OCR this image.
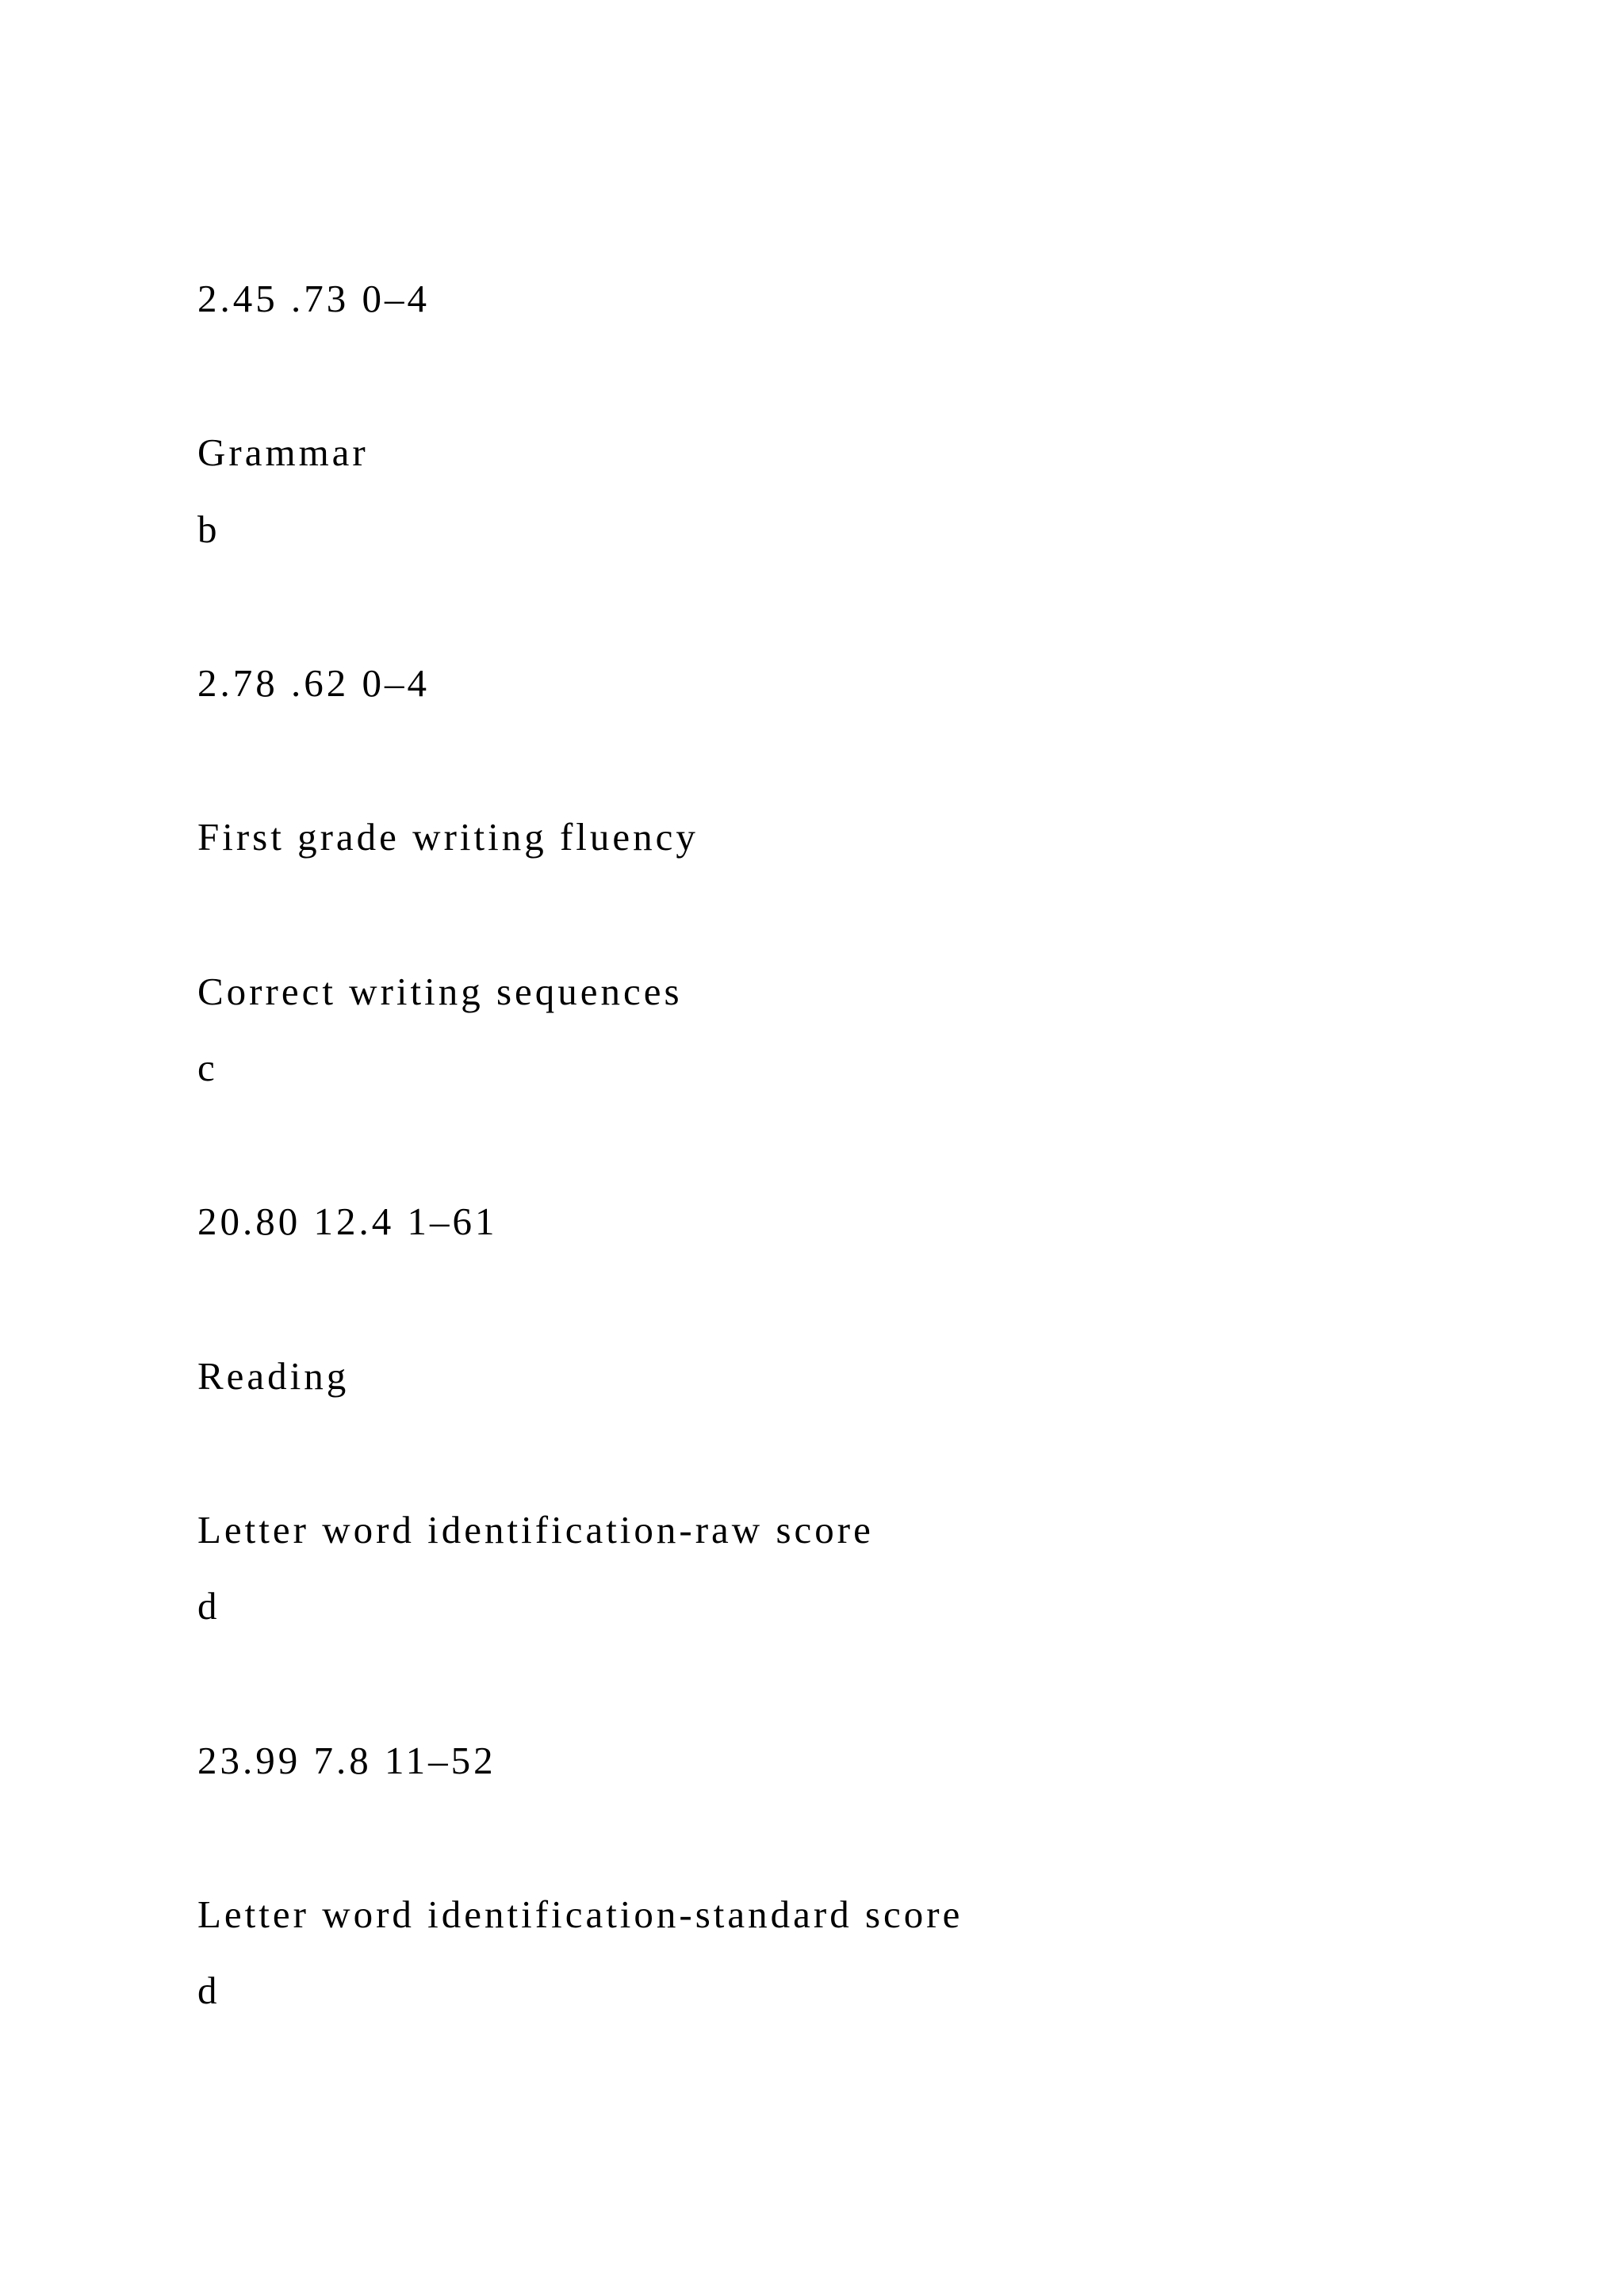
2.45 .73 0–4

Grammar

b

2.78 .62 0–4

First grade writing fluency

Correct writing sequences

c

20.80 12.4 1–61

Reading

Letter word identification-raw score

d

23.99 7.8 11–52

Letter word identification-standard score

d
